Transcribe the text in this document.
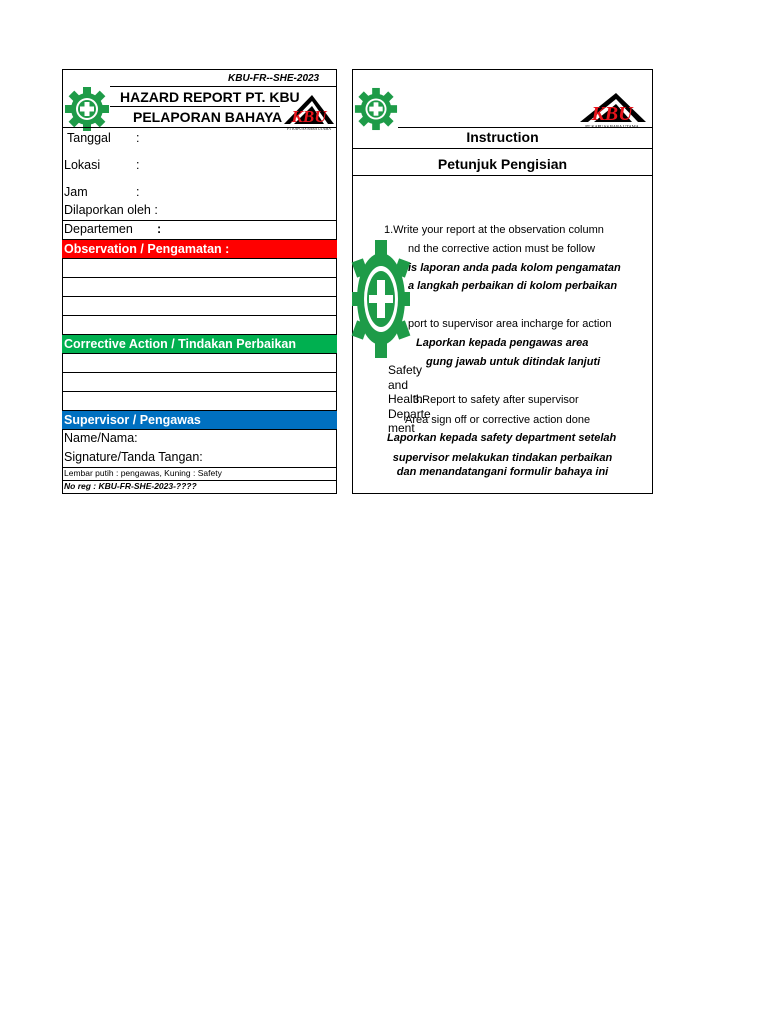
KBU-FR--SHE-2023
HAZARD REPORT PT. KBU
PELAPORAN BAHAYA KBU
PT KAPUAS BARA UTAMA
Tanggal :
Lokasi	:
Jam	:
Dilaporkan oleh :
Departemen :
Observation / Pengamatan :
Corrective Action / Tindakan Perbaikan
Supervisor / Pengawas
Name/Nama:
Signature/Tanda Tangan:
Lembar putih : pengawas, Kuning : Safety
No reg : KBU-FR-SHE-2023-????
KBU
PT KAPUAS BARA UTAMA
Instruction
Petunjuk Pengisian
1.Write your report at the observation column
nd the corrective action must be follow
is laporan anda pada kolom pengamatan
a langkah perbaikan di kolom perbaikan
port to supervisor area incharge for action
Laporkan kepada pengawas area
gung jawab untuk ditindak lanjuti
Safety
and
Health
Departe
ment
3.Report to safety after supervisor
Area sign off or corrective action done
Laporkan kepada safety department setelah
supervisor melakukan tindakan perbaikan
dan menandatangani formulir bahaya ini
